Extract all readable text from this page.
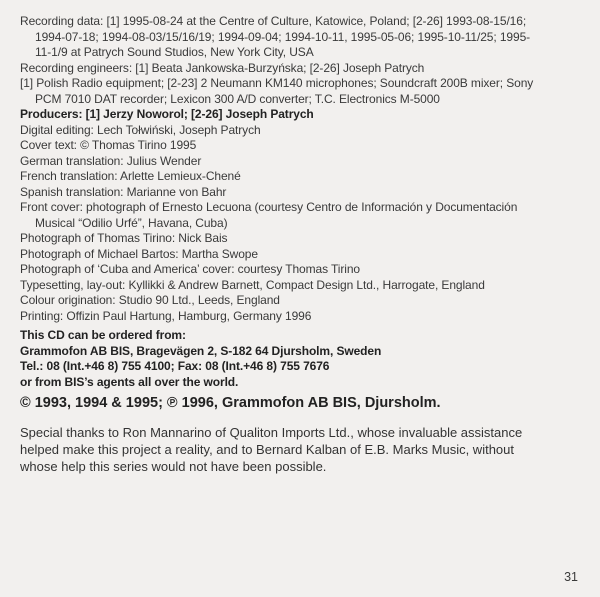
Recording data: [1] 1995-08-24 at the Centre of Culture, Katowice, Poland; [2-26] 1993-08-15/16;
1994-07-18; 1994-08-03/15/16/19; 1994-09-04; 1994-10-11, 1995-05-06; 1995-10-11/25; 1995-
11-1/9 at Patrych Sound Studios, New York City, USA
Recording engineers: [1] Beata Jankowska-Burzyńska; [2-26] Joseph Patrych
[1] Polish Radio equipment; [2-23] 2 Neumann KM140 microphones; Soundcraft 200B mixer; Sony
PCM 7010 DAT recorder; Lexicon 300 A/D converter; T.C. Electronics M-5000
Producers: [1] Jerzy Noworol; [2-26] Joseph Patrych
Digital editing: Lech Tołwiński, Joseph Patrych
Cover text: © Thomas Tirino 1995
German translation: Julius Wender
French translation: Arlette Lemieux-Chené
Spanish translation: Marianne von Bahr
Front cover: photograph of Ernesto Lecuona (courtesy Centro de Información y Documentación
Musical “Odilio Urfé”, Havana, Cuba)
Photograph of Thomas Tirino: Nick Bais
Photograph of Michael Bartos: Martha Swope
Photograph of ‘Cuba and America’ cover: courtesy Thomas Tirino
Typesetting, lay-out: Kyllikki & Andrew Barnett, Compact Design Ltd., Harrogate, England
Colour origination: Studio 90 Ltd., Leeds, England
Printing: Offizin Paul Hartung, Hamburg, Germany 1996
This CD can be ordered from:
Grammofon AB BIS, Bragevägen 2, S-182 64 Djursholm, Sweden
Tel.: 08 (Int.+46 8) 755 4100; Fax: 08 (Int.+46 8) 755 7676
or from BIS’s agents all over the world.
© 1993, 1994 & 1995; ℗ 1996, Grammofon AB BIS, Djursholm.
Special thanks to Ron Mannarino of Qualiton Imports Ltd., whose invaluable assistance
helped make this project a reality, and to Bernard Kalban of E.B. Marks Music, without
whose help this series would not have been possible.
31
